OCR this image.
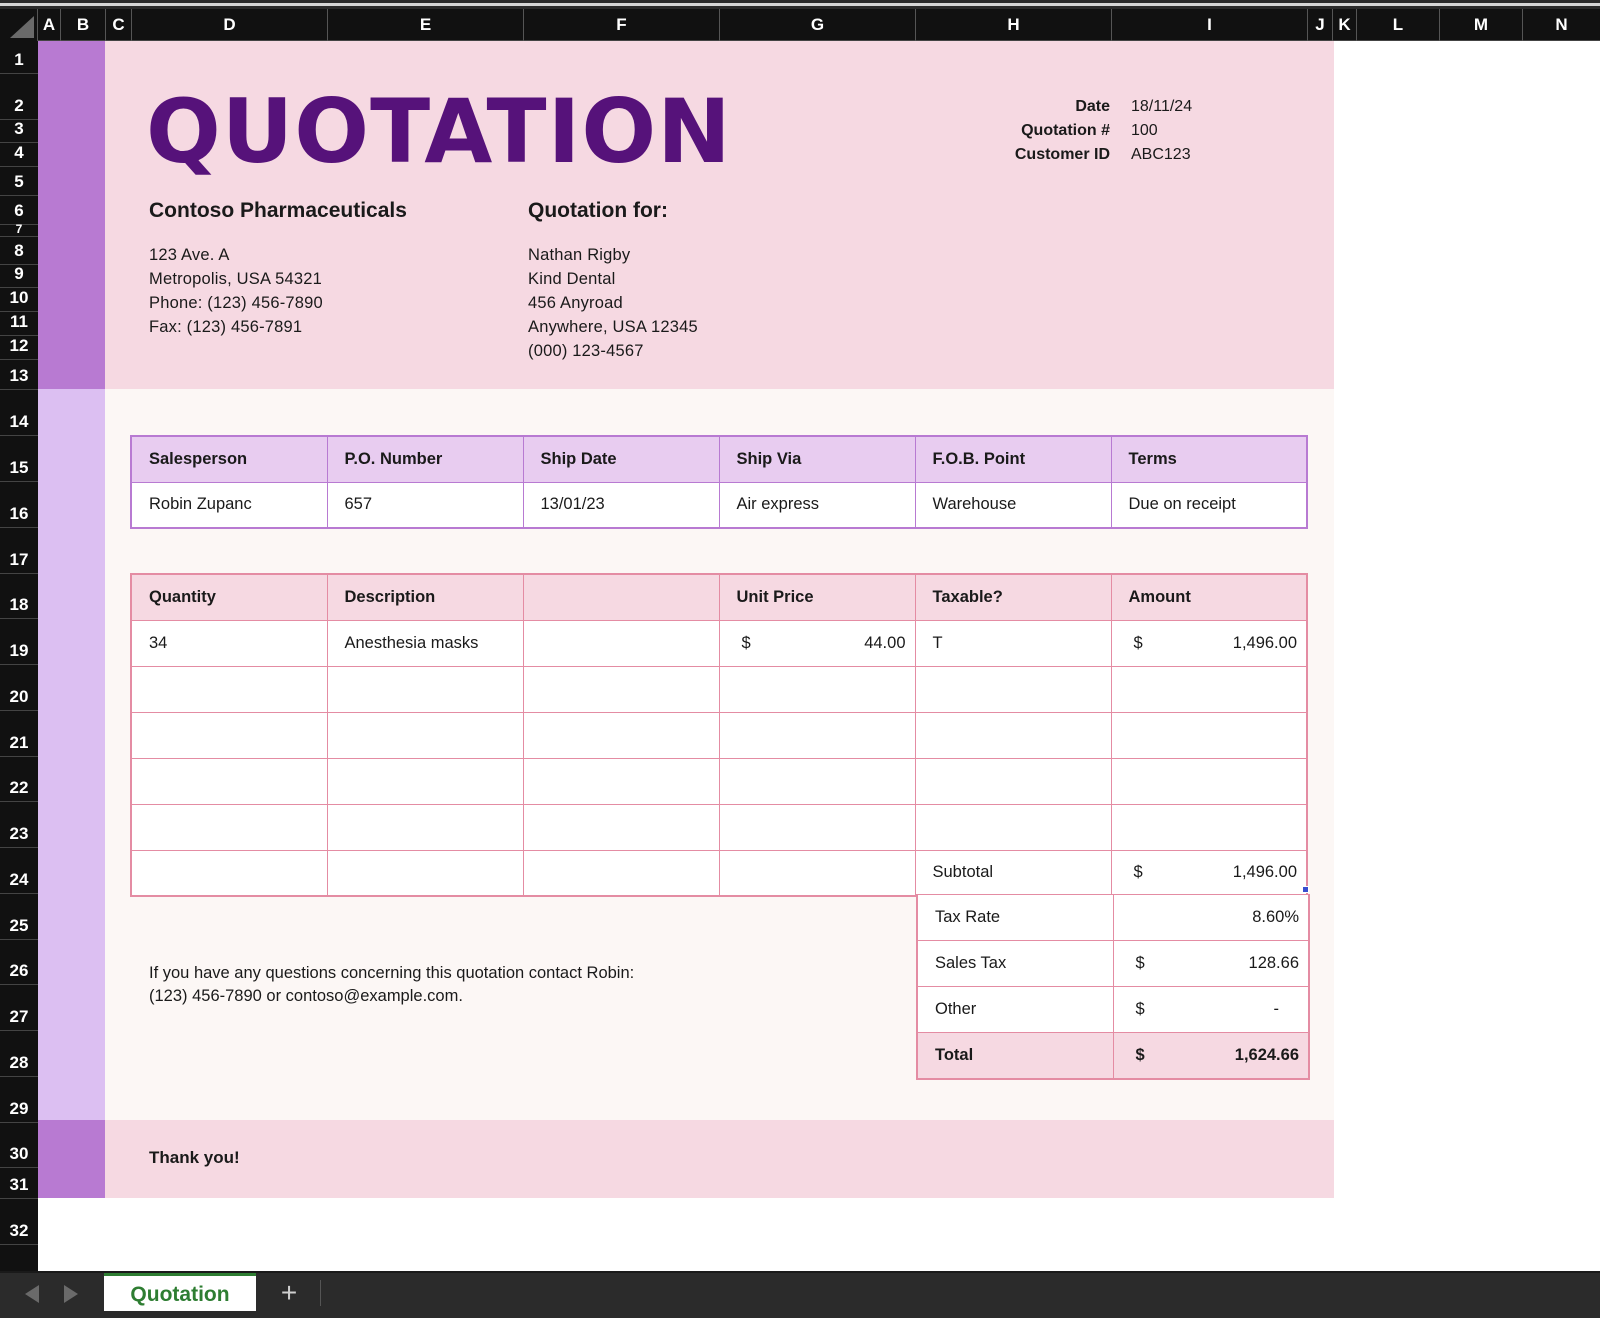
A	B	C	D	E	F	G	H	I	J K	L	M	N
1
2
3
4
5
6
7
8
9
10
11
12
13
14
15
16
17
18
19
20
21
22
23
24
25
26
27
28
29
30
31
32
QUOTATION	Date 18/11/24
Quotation # 100
Customer ID ABC123
Contoso Pharmaceuticals
123 Ave. A
Metropolis, USA 54321
Phone: (123) 456-7890
Fax: (123) 456-7891
Quotation for:
Nathan Rigby
Kind Dental
456 Anyroad
Anywhere, USA 12345
(000) 123-4567
Salesperson	P.O. Number	Ship Date	Ship Via	F.O.B. Point	Terms
Robin Zupanc	657	13/01/23	Air express	Warehouse	Due on receipt
Quantity	Description		Unit Price	Taxable?	Amount
34	Anesthesia masks		$ 44.00	T	$ 1,496.00

				Subtotal	$ 1,496.00
Tax Rate	8.60%
Sales Tax	$ 128.66

Other	$ -

Total	$ 1,624.66
If you have any questions concerning this quotation contact Robin:
(123) 456-7890 or contoso@example.com.
Thank you!
Quotation	+
